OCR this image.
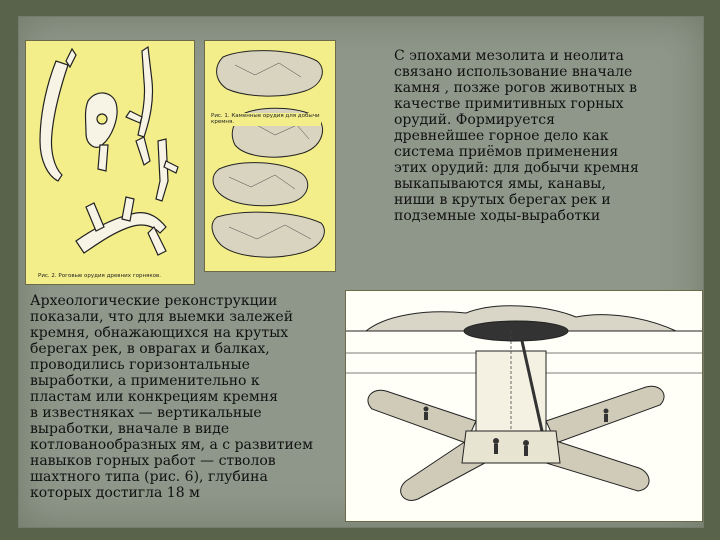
Рис. 2. Роговые орудия древних горняков.
Рис. 1. Каменные орудия для добычи
кремня.
С эпохами мезолита и неолита
связано использование вначале
камня , позже рогов животных в
качестве примитивных горных
орудий. Формируется
древнейшее горное дело как
система приёмов применения
этих орудий: для добычи кремня
выкапываются ямы, канавы,
ниши в крутых берегах рек и
подземные ходы-выработки
Археологические реконструкции
показали, что для выемки залежей
кремня, обнажающихся на крутых
берегах рек, в оврагах и балках,
проводились горизонтальные
выработки, а применительно к
пластам или конкрециям кремня
в известняках — вертикальные
выработки, вначале в виде
котлованообразных ям, а с развитием
навыков горных работ — стволов
шахтного типа (рис. 6), глубина
которых достигла 18 м
